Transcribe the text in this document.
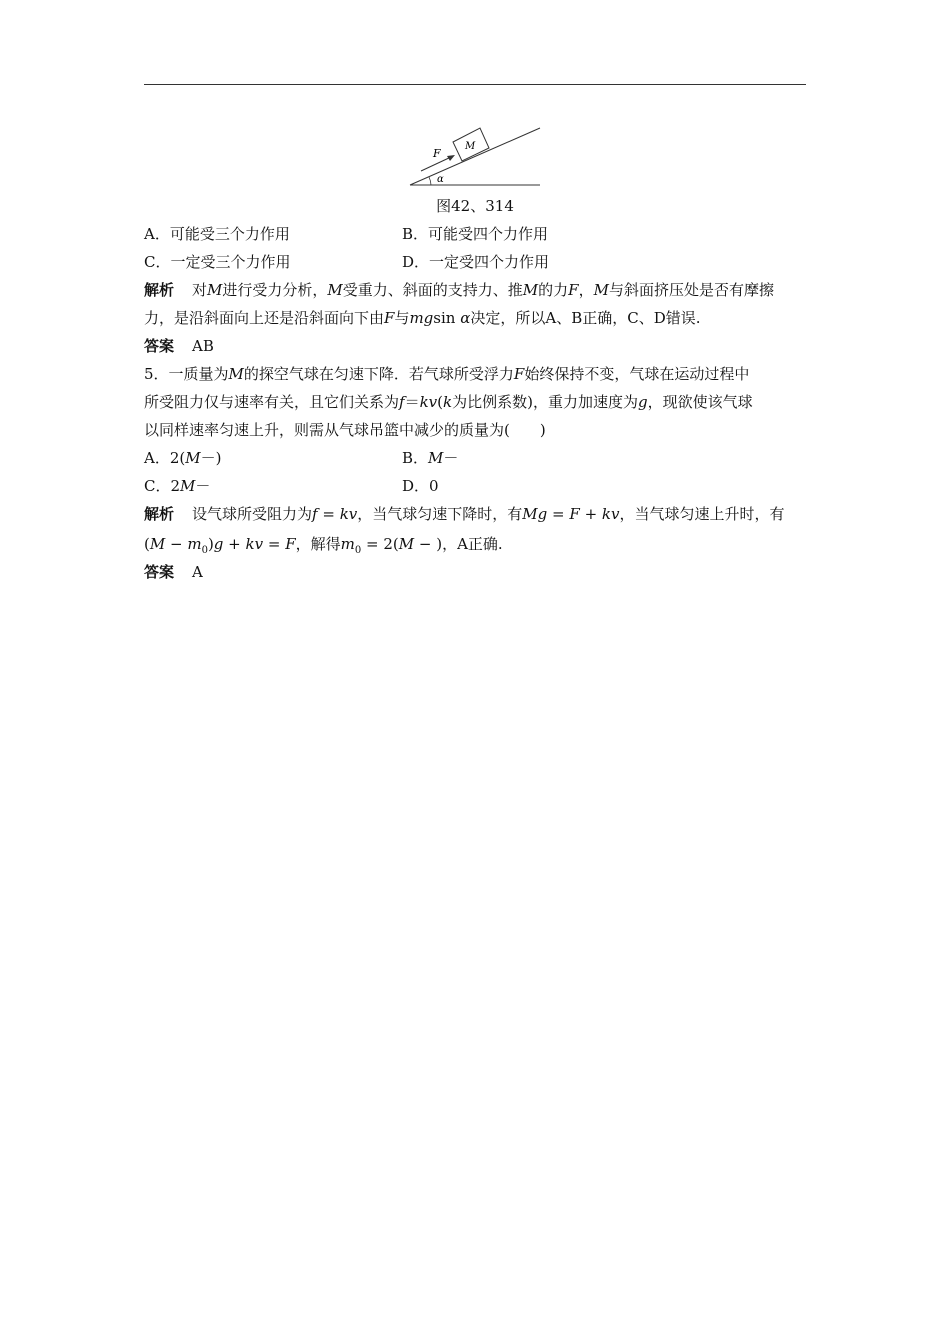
F
M
α
图42、314
A．可能受三个力作用	B．可能受四个力作用
C．一定受三个力作用	D．一定受四个力作用
解析 对M进行受力分析，M受重力、斜面的支持力、推M的力F，M与斜面挤压处是否有摩擦
力，是沿斜面向上还是沿斜面向下由F与mgsin α决定，所以A、B正确，C、D错误.
答案 AB
5．一质量为M的探空气球在匀速下降．若气球所受浮力F始终保持不变，气球在运动过程中
所受阻力仅与速率有关，且它们关系为f＝kv(k为比例系数)，重力加速度为g，现欲使该气球
以同样速率匀速上升，则需从气球吊篮中减少的质量为(　　)
A．2(M－)	B．M－
C．2M－	D．0
解析 设气球所受阻力为f = kv，当气球匀速下降时，有Mg = F + kv，当气球匀速上升时，有
$(M - m_0)g$ + kv = F，解得$m_0 = 2(M$ − )，A正确.
答案 A
